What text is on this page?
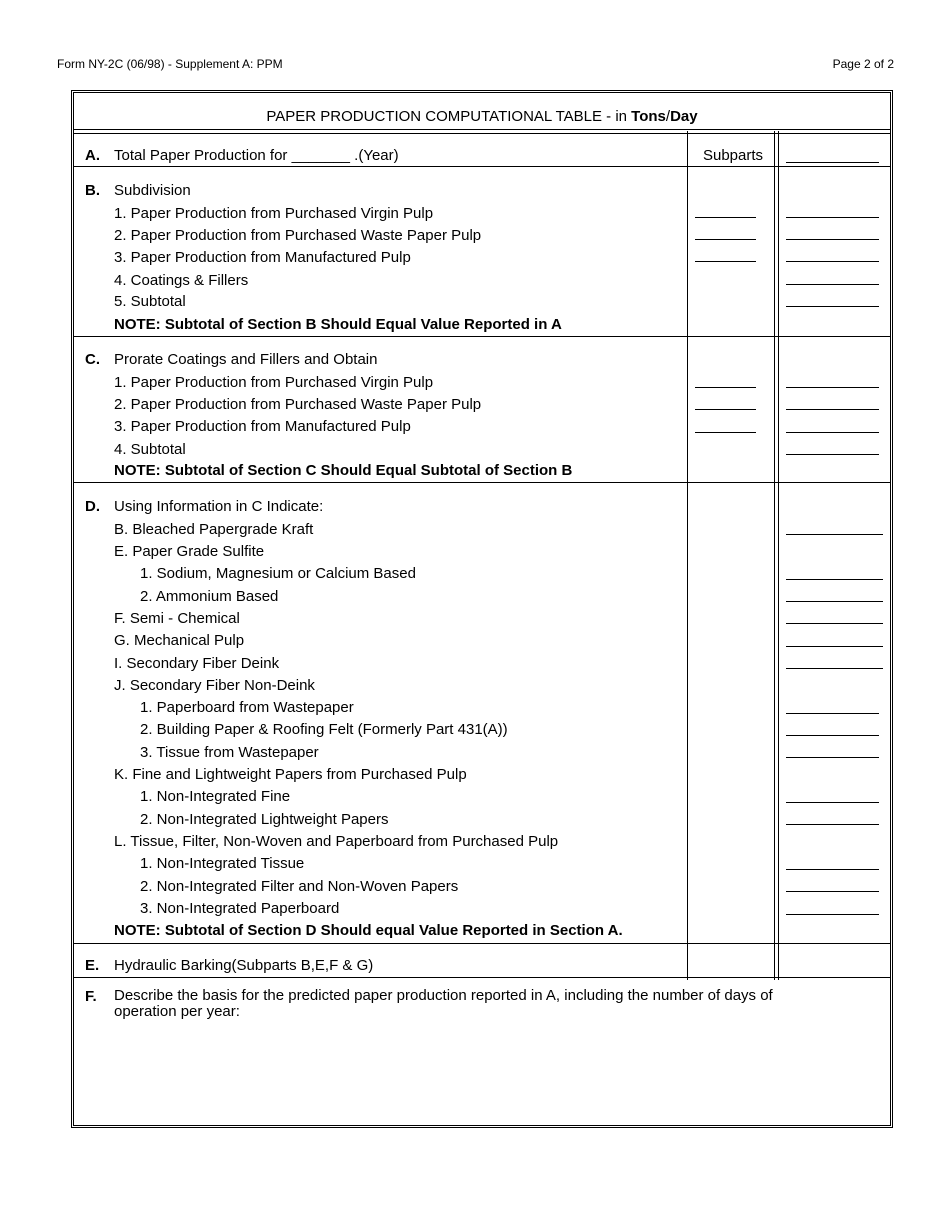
Form NY-2C (06/98) - Supplement A: PPM	Page 2 of 2
PAPER PRODUCTION COMPUTATIONAL TABLE - in Tons/Day
A. Total Paper Production for _______ .(Year)	Subparts
B. Subdivision
1. Paper Production from Purchased Virgin Pulp
2. Paper Production from Purchased Waste Paper Pulp
3. Paper Production from Manufactured Pulp
4. Coatings & Fillers
5. Subtotal
NOTE: Subtotal of Section B Should Equal Value Reported in A
C. Prorate Coatings and Fillers and Obtain
1. Paper Production from Purchased Virgin Pulp
2. Paper Production from Purchased Waste Paper Pulp
3. Paper Production from Manufactured Pulp
4. Subtotal
NOTE: Subtotal of Section C Should Equal Subtotal of Section B
D. Using Information in C Indicate:
B. Bleached Papergrade Kraft
E. Paper Grade Sulfite
1. Sodium, Magnesium or Calcium Based
2. Ammonium Based
F. Semi - Chemical
G. Mechanical Pulp
I. Secondary Fiber Deink
J. Secondary Fiber Non-Deink
1. Paperboard from Wastepaper
2. Building Paper & Roofing Felt (Formerly Part 431(A))
3. Tissue from Wastepaper
K. Fine and Lightweight Papers from Purchased Pulp
1. Non-Integrated Fine
2. Non-Integrated Lightweight Papers
L. Tissue, Filter, Non-Woven and Paperboard from Purchased Pulp
1. Non-Integrated Tissue
2. Non-Integrated Filter and Non-Woven Papers
3. Non-Integrated Paperboard
NOTE: Subtotal of Section D Should equal Value Reported in Section A.
E. Hydraulic Barking(Subparts B,E,F & G)
F. Describe the basis for the predicted paper production reported in A, including the number of days of operation per year:
